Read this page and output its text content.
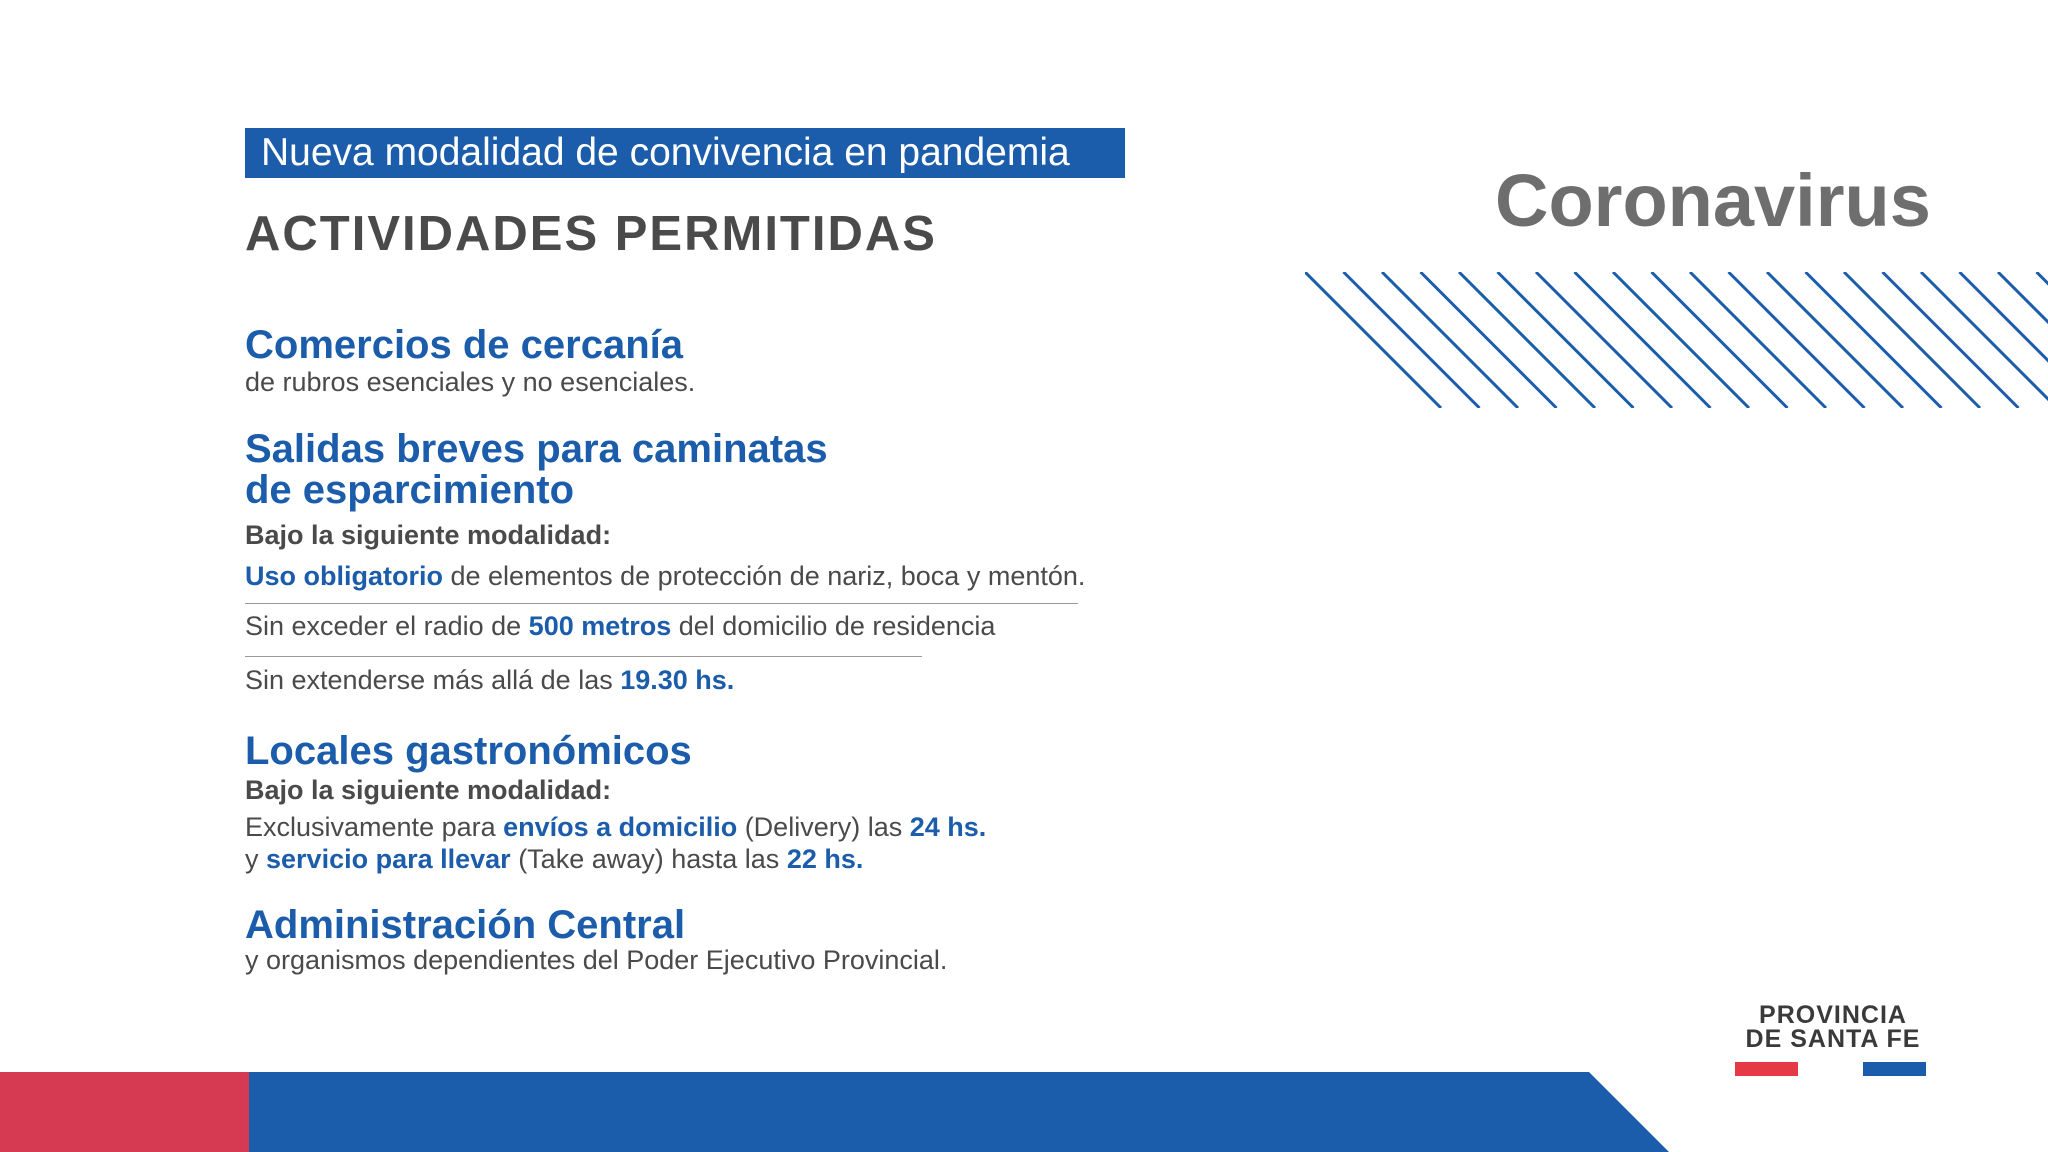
Nueva modalidad de convivencia en pandemia
ACTIVIDADES PERMITIDAS	Coronavirus
Comercios de cercanía
de rubros esenciales y no esenciales.
Salidas breves para caminatas
de esparcimiento
Bajo la siguiente modalidad:
Uso obligatorio de elementos de protección de nariz, boca y mentón.
Sin exceder el radio de 500 metros del domicilio de residencia
Sin extenderse más allá de las 19.30 hs.
Locales gastronómicos
Bajo la siguiente modalidad:
Exclusivamente para envíos a domicilio (Delivery) las 24 hs.
y servicio para llevar (Take away) hasta las 22 hs.
Administración Central
y organismos dependientes del Poder Ejecutivo Provincial.
PROVINCIA
DE SANTA FE
